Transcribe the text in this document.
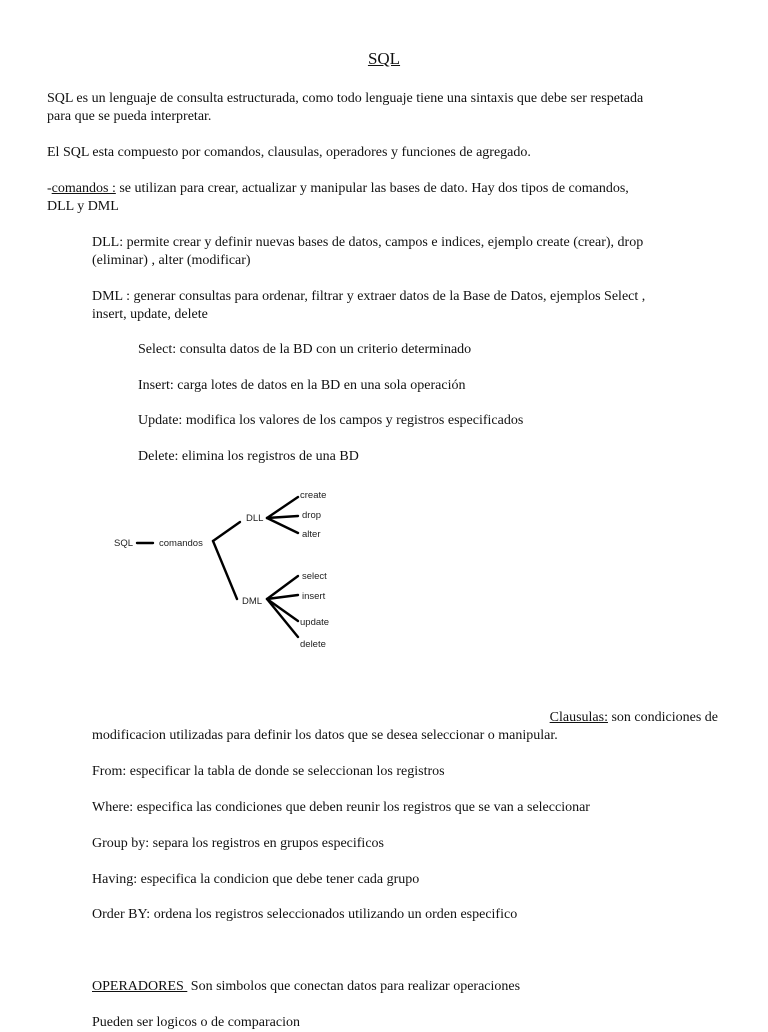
SQL

SQL es un lenguaje de consulta estructurada, como todo lenguaje tiene una sintaxis que debe ser respetada

para que se pueda interpretar.

El SQL esta compuesto por comandos, clausulas, operadores y funciones de agregado.

-comandos : se utilizan para crear, actualizar y manipular las bases de dato. Hay dos tipos de comandos,

DLL y DML

DLL: permite crear y definir nuevas bases de datos, campos e indices, ejemplo create (crear), drop

(eliminar) , alter (modificar)

DML : generar consultas para ordenar, filtrar y extraer datos de la Base de Datos, ejemplos Select ,

insert, update, delete

Select: consulta datos de la BD con un criterio determinado

Insert: carga lotes de datos en la BD en una sola operación

Update: modifica los valores de los campos y registros especificados

Delete: elimina los registros de una BD

SQL	comandos
DLL
DML
create
drop
alter
select
insert
update
delete

Clausulas: son condiciones de

modificacion utilizadas para definir los datos que se desea seleccionar o manipular.

From: especificar la tabla de donde se seleccionan los registros

Where: especifica las condiciones que deben reunir los registros que se van a seleccionar

Group by: separa los registros en grupos especificos

Having: especifica la condicion que debe tener cada grupo

Order BY: ordena los registros seleccionados utilizando un orden especifico

OPERADORES  Son simbolos que conectan datos para realizar operaciones

Pueden ser logicos o de comparacion
